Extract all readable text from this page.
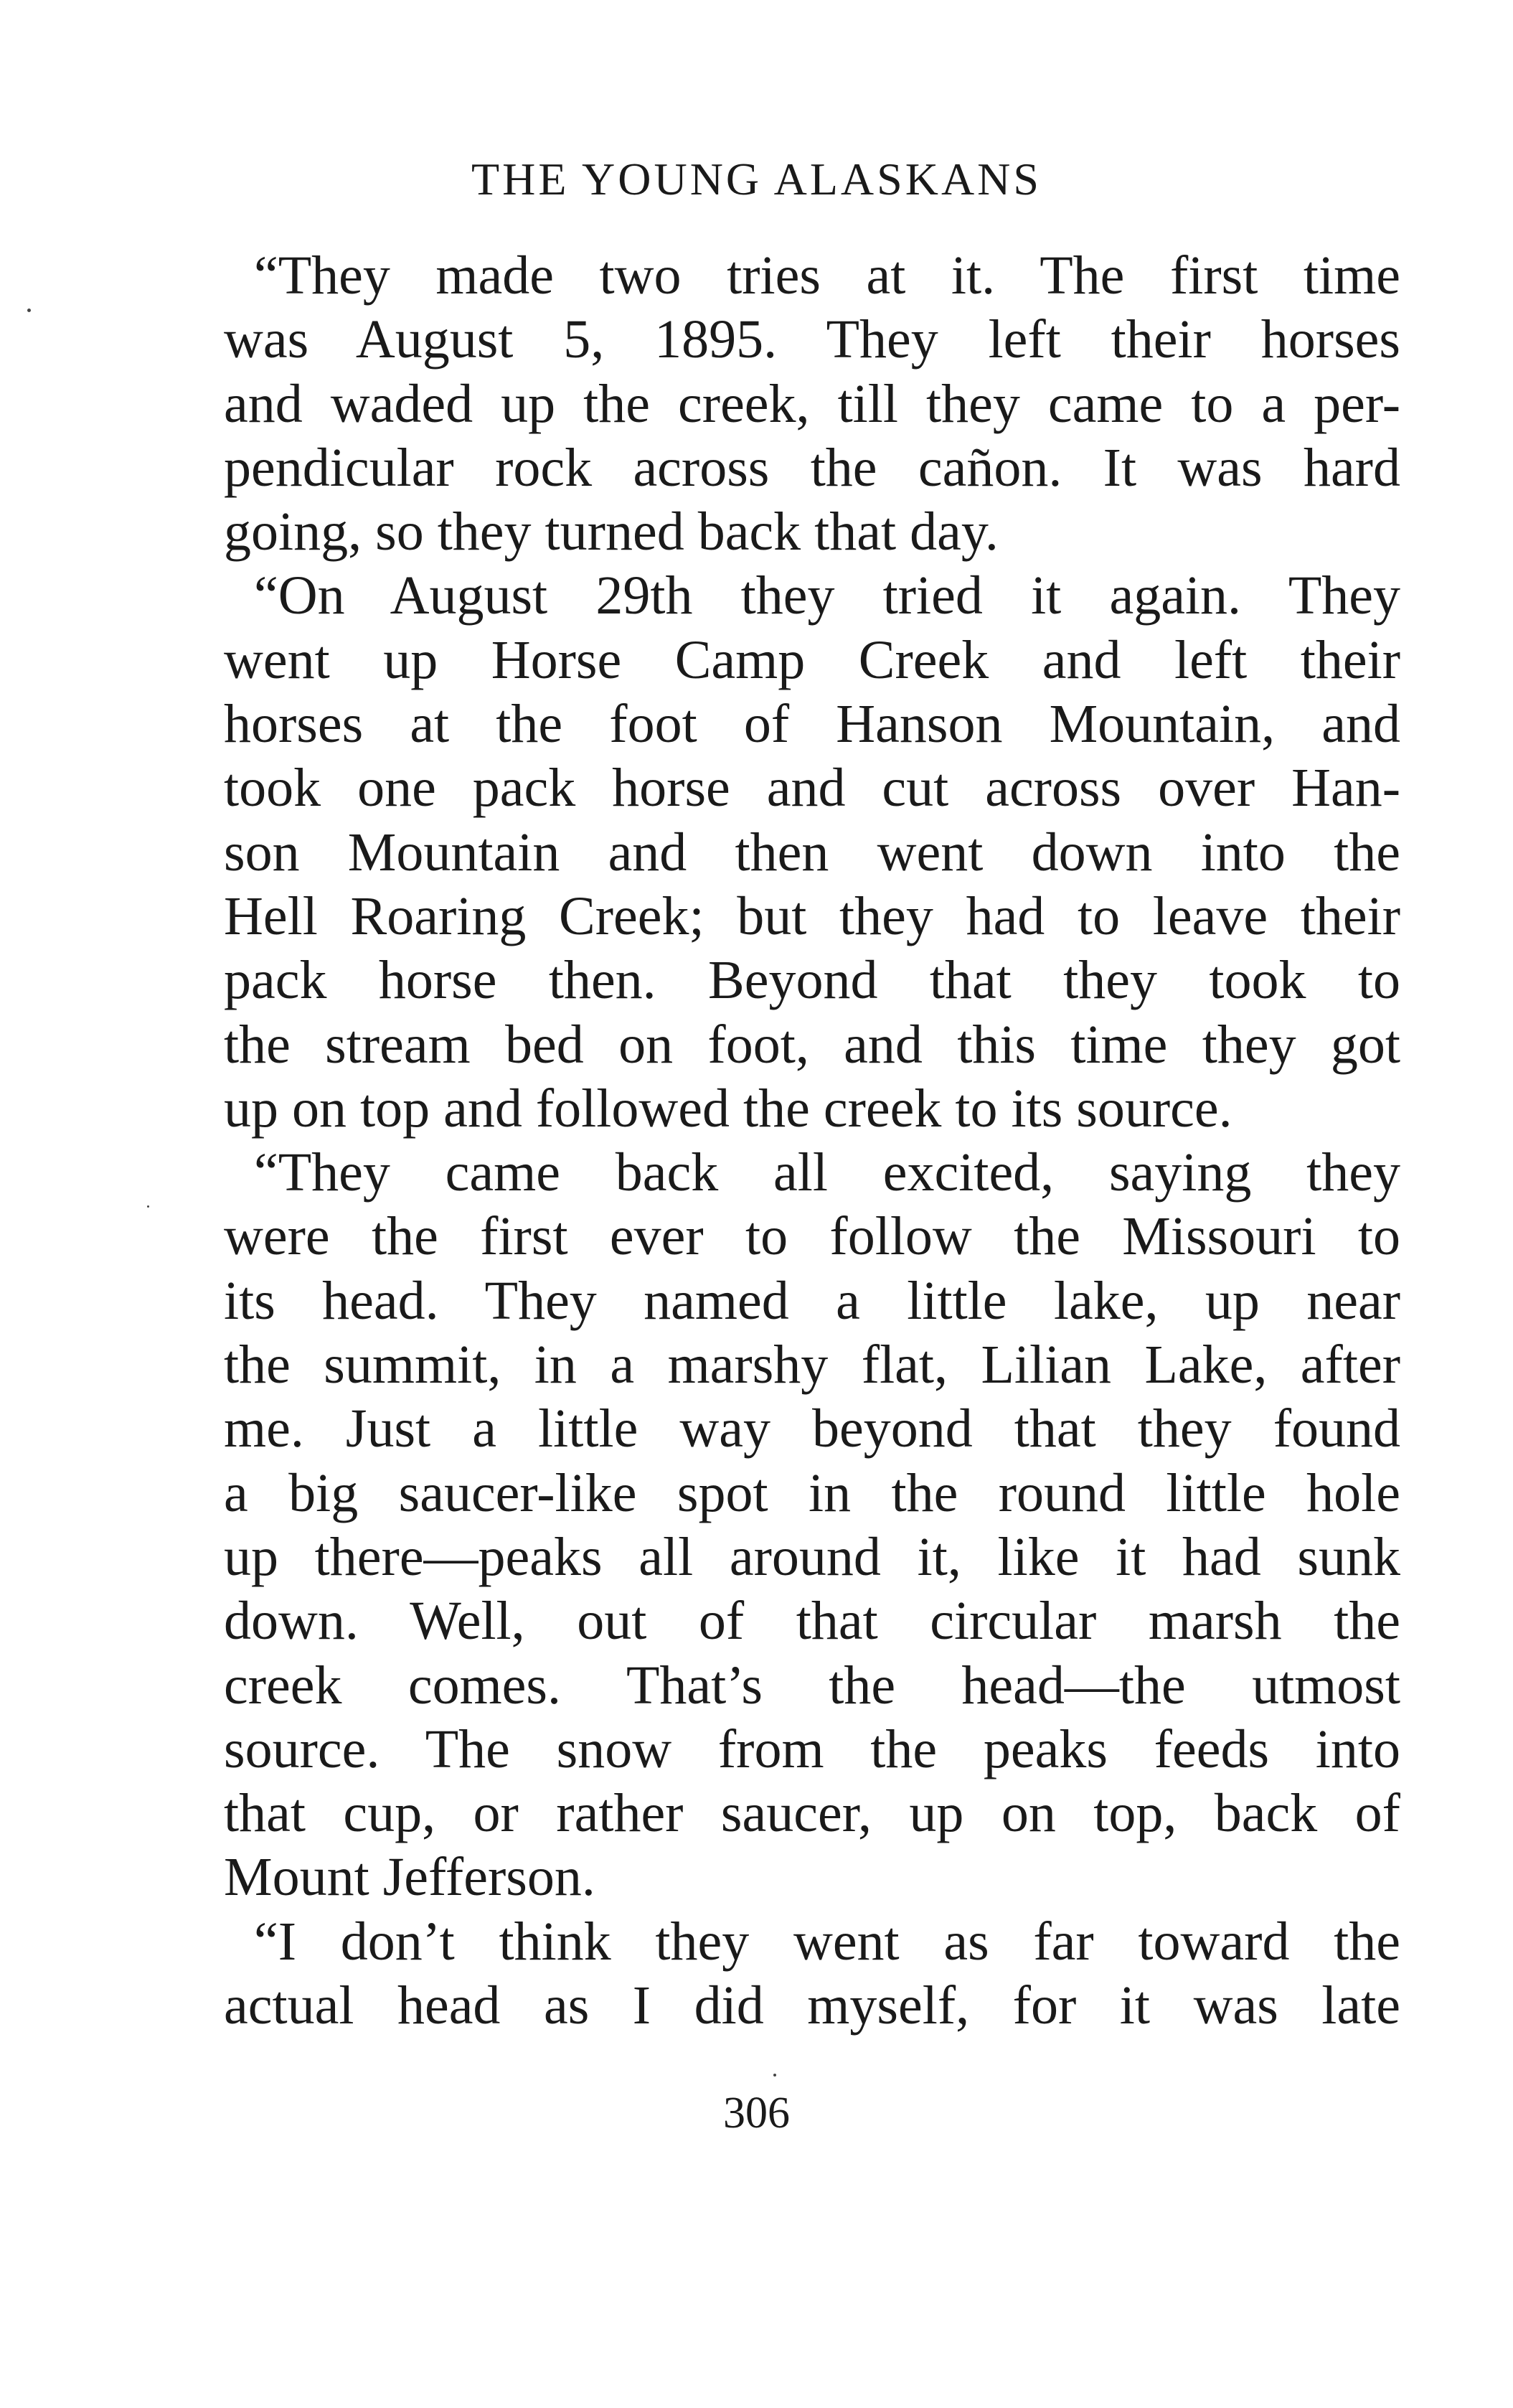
THE YOUNG ALASKANS
“They made two tries at it. The first time
was August 5, 1895. They left their horses
and waded up the creek, till they came to a per-
pendicular rock across the cañon. It was hard
going, so they turned back that day.
“On August 29th they tried it again. They
went up Horse Camp Creek and left their
horses at the foot of Hanson Mountain, and
took one pack horse and cut across over Han-
son Mountain and then went down into the
Hell Roaring Creek; but they had to leave their
pack horse then. Beyond that they took to
the stream bed on foot, and this time they got
up on top and followed the creek to its source.
“They came back all excited, saying they
were the first ever to follow the Missouri to
its head. They named a little lake, up near
the summit, in a marshy flat, Lilian Lake, after
me. Just a little way beyond that they found
a big saucer-like spot in the round little hole
up there—peaks all around it, like it had sunk
down. Well, out of that circular marsh the
creek comes. That’s the head—the utmost
source. The snow from the peaks feeds into
that cup, or rather saucer, up on top, back of
Mount Jefferson.
“I don’t think they went as far toward the
actual head as I did myself, for it was late
306
